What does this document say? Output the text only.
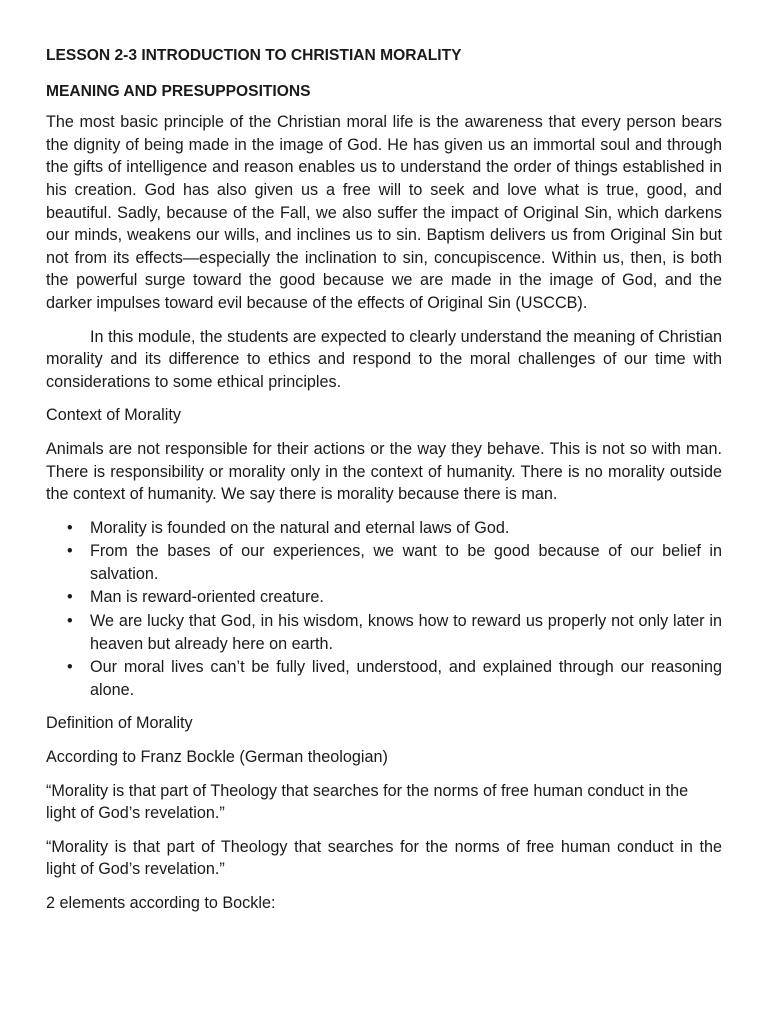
LESSON 2-3 INTRODUCTION TO CHRISTIAN MORALITY
MEANING AND PRESUPPOSITIONS

The most basic principle of the Christian moral life is the awareness that every person bears the dignity of being made in the image of God. He has given us an immortal soul and through the gifts of intelligence and reason enables us to understand the order of things established in his creation. God has also given us a free will to seek and love what is true, good, and beautiful. Sadly, because of the Fall, we also suffer the impact of Original Sin, which darkens our minds, weakens our wills, and inclines us to sin. Baptism delivers us from Original Sin but not from its effects—especially the inclination to sin, concupiscence. Within us, then, is both the powerful surge toward the good because we are made in the image of God, and the darker impulses toward evil because of the effects of Original Sin (USCCB).

In this module, the students are expected to clearly understand the meaning of Christian morality and its difference to ethics and respond to the moral challenges of our time with considerations to some ethical principles.

Context of Morality

Animals are not responsible for their actions or the way they behave. This is not so with man. There is responsibility or morality only in the context of humanity. There is no morality outside the context of humanity. We say there is morality because there is man.

• Morality is founded on the natural and eternal laws of God.
• From the bases of our experiences, we want to be good because of our belief in salvation.
• Man is reward-oriented creature.
• We are lucky that God, in his wisdom, knows how to reward us properly not only later in heaven but already here on earth.
• Our moral lives can’t be fully lived, understood, and explained through our reasoning alone.

Definition of Morality

According to Franz Bockle (German theologian)

“Morality is that part of Theology that searches for the norms of free human conduct in the light of God’s revelation.”

“Morality is that part of Theology that searches for the norms of free human conduct in the light of God’s revelation.”

2 elements according to Bockle:
